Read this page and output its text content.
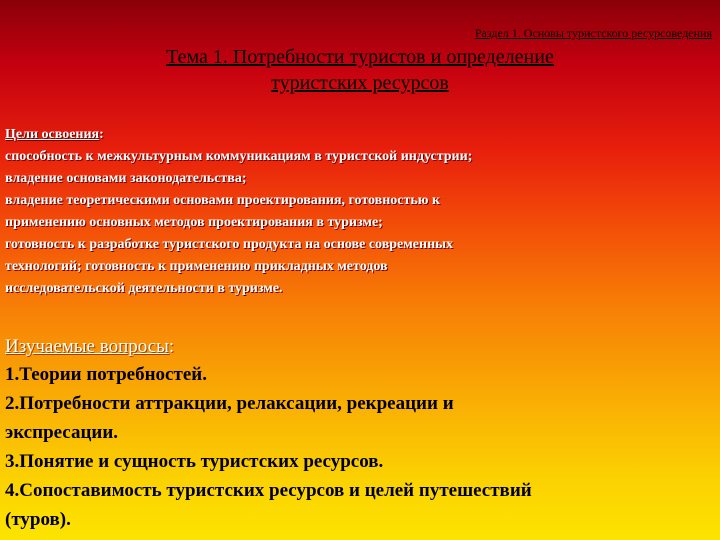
Раздел 1. Основы туристского ресурсоведения
Тема 1. Потребности туристов и определение
туристских ресурсов
Цели освоения:
способность к межкультурным коммуникациям в туристской индустрии;
владение основами законодательства;
владение теоретическими основами проектирования, готовностью к
применению основных методов проектирования в туризме;
готовность к разработке туристского продукта на основе современных
технологий; готовность к применению прикладных методов
исследовательской деятельности в туризме.
Изучаемые вопросы:
1.Теории потребностей.
2.Потребности аттракции, релаксации, рекреации и
экспресации.
3.Понятие и сущность туристских ресурсов.
4.Сопоставимость туристских ресурсов и целей путешествий
(туров).
